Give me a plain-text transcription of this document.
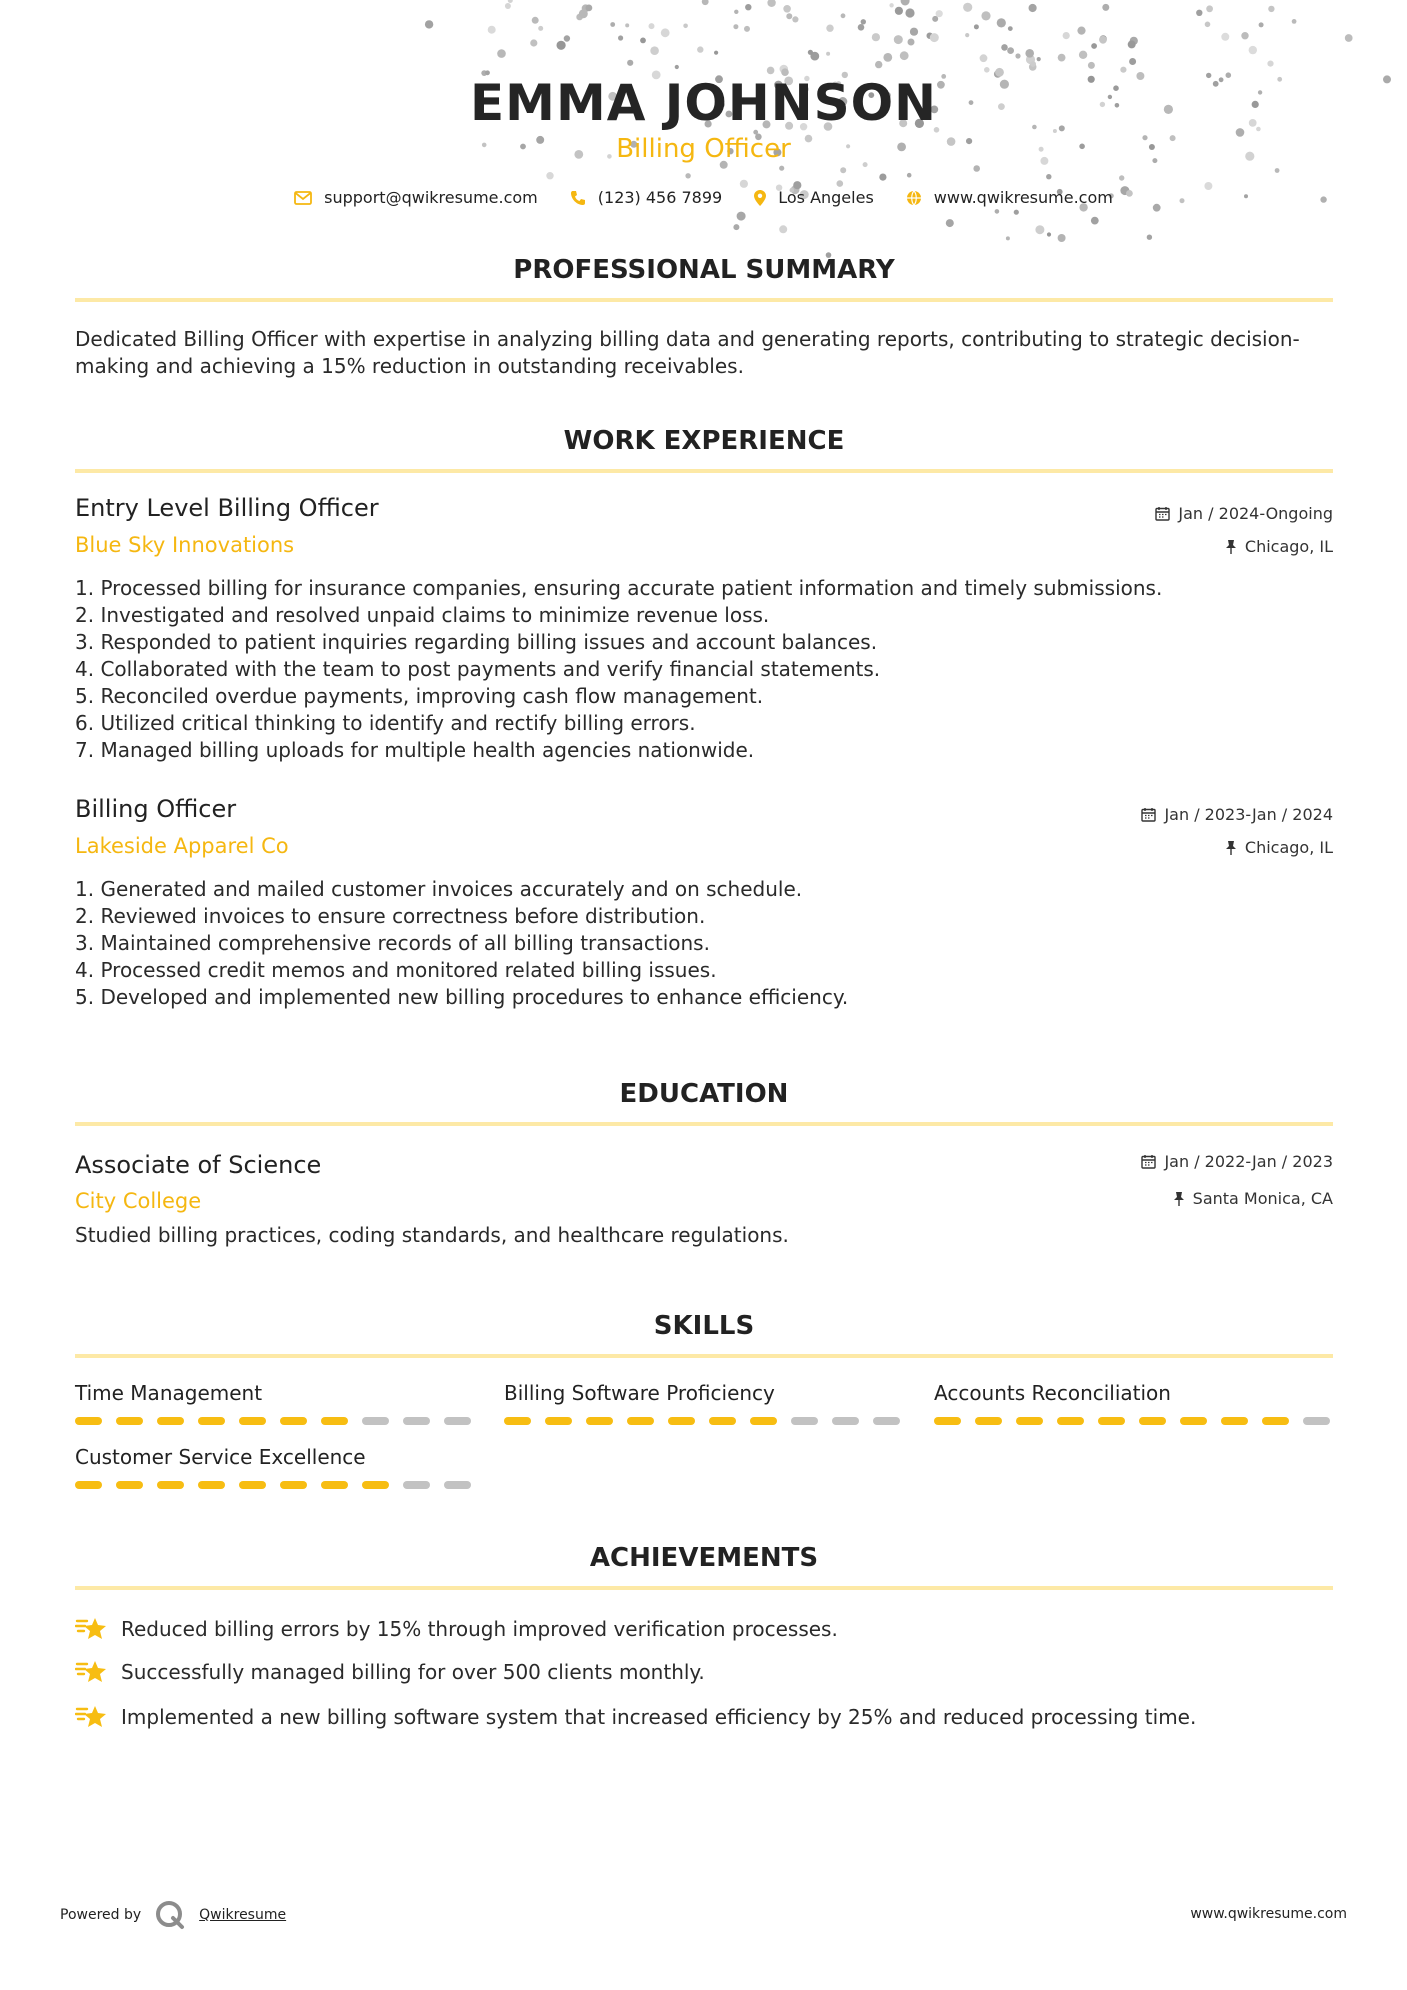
EMMA JOHNSON
Billing Officer
support@qwikresume.com	(123) 456 7899	Los Angeles	www.qwikresume.com
PROFESSIONAL SUMMARY
Dedicated Billing Officer with expertise in analyzing billing data and generating reports, contributing to strategic decision-making and achieving a 15% reduction in outstanding receivables.
WORK EXPERIENCE
Entry Level Billing Officer
Blue Sky Innovations
Jan / 2024-Ongoing
Chicago, IL
1. Processed billing for insurance companies, ensuring accurate patient information and timely submissions.
2. Investigated and resolved unpaid claims to minimize revenue loss.
3. Responded to patient inquiries regarding billing issues and account balances.
4. Collaborated with the team to post payments and verify financial statements.
5. Reconciled overdue payments, improving cash flow management.
6. Utilized critical thinking to identify and rectify billing errors.
7. Managed billing uploads for multiple health agencies nationwide.
Billing Officer
Lakeside Apparel Co
Jan / 2023-Jan / 2024
Chicago, IL
1. Generated and mailed customer invoices accurately and on schedule.
2. Reviewed invoices to ensure correctness before distribution.
3. Maintained comprehensive records of all billing transactions.
4. Processed credit memos and monitored related billing issues.
5. Developed and implemented new billing procedures to enhance efficiency.
EDUCATION
Associate of Science
City College
Jan / 2022-Jan / 2023
Santa Monica, CA
Studied billing practices, coding standards, and healthcare regulations.
SKILLS
Time Management	Billing Software Proficiency	Accounts Reconciliation
Customer Service Excellence
ACHIEVEMENTS
Reduced billing errors by 15% through improved verification processes.
Successfully managed billing for over 500 clients monthly.
Implemented a new billing software system that increased efficiency by 25% and reduced processing time.
Powered by	Qwikresume	www.qwikresume.com
